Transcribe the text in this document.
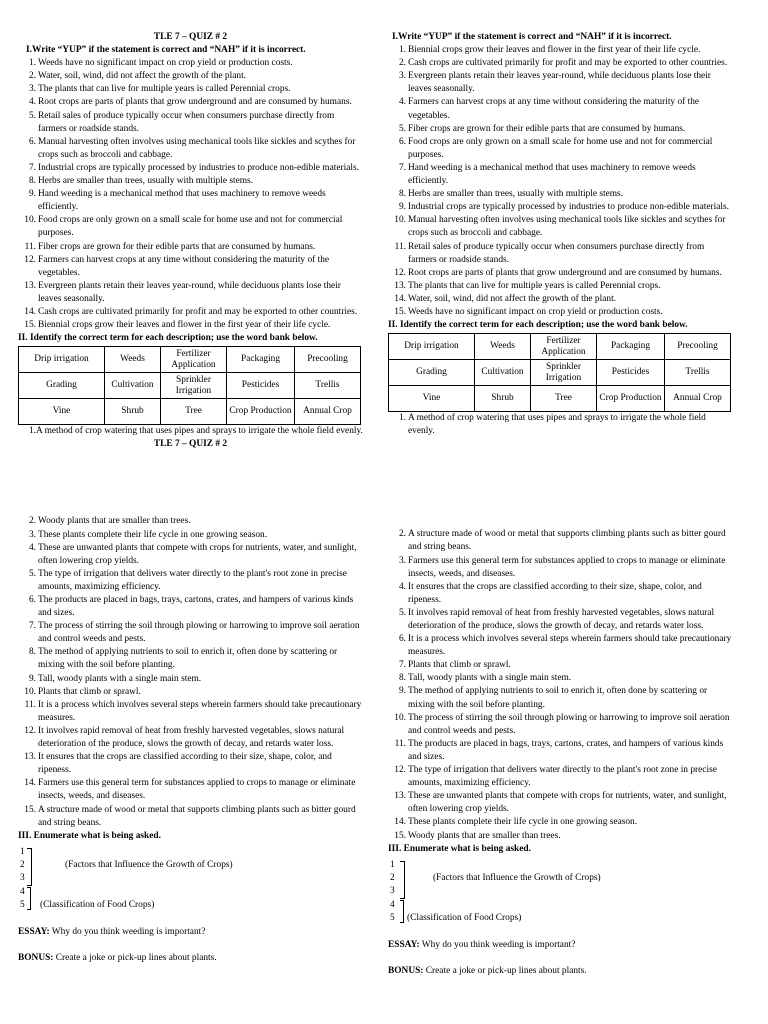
TLE 7 – QUIZ # 2
I.Write “YUP” if the statement is correct and “NAH” if it is incorrect.
1. Weeds have no significant impact on crop yield or production costs.
2. Water, soil, wind, did not affect the growth of the plant.
3. The plants that can live for multiple years is called Perennial crops.
4. Root crops are parts of plants that grow underground and are consumed by humans.
5. Retail sales of produce typically occur when consumers purchase directly from farmers or roadside stands.
6. Manual harvesting often involves using mechanical tools like sickles and scythes for crops such as broccoli and cabbage.
7. Industrial crops are typically processed by industries to produce non-edible materials.
8. Herbs are smaller than trees, usually with multiple stems.
9. Hand weeding is a mechanical method that uses machinery to remove weeds efficiently.
10. Food crops are only grown on a small scale for home use and not for commercial purposes.
11. Fiber crops are grown for their edible parts that are consumed by humans.
12. Farmers can harvest crops at any time without considering the maturity of the vegetables.
13. Evergreen plants retain their leaves year-round, while deciduous plants lose their leaves seasonally.
14. Cash crops are cultivated primarily for profit and may be exported to other countries.
15. Biennial crops grow their leaves and flower in the first year of their life cycle.
II. Identify the correct term for each description; use the word bank below.
Drip irrigation	Weeds	Fertilizer Application	Packaging	Precooling
Grading	Cultivation	Sprinkler Irrigation	Pesticides	Trellis
Vine	Shrub	Tree	Crop Production	Annual Crop
1. A method of crop watering that uses pipes and sprays to irrigate the whole field evenly.
TLE 7 – QUIZ # 2
2. Woody plants that are smaller than trees.
3. These plants complete their life cycle in one growing season.
4. These are unwanted plants that compete with crops for nutrients, water, and sunlight, often lowering crop yields.
5. The type of irrigation that delivers water directly to the plant's root zone in precise amounts, maximizing efficiency.
6. The products are placed in bags, trays, cartons, crates, and hampers of various kinds and sizes.
7. The process of stirring the soil through plowing or harrowing to improve soil aeration and control weeds and pests.
8. The method of applying nutrients to soil to enrich it, often done by scattering or mixing with the soil before planting.
9. Tall, woody plants with a single main stem.
10. Plants that climb or sprawl.
11. It is a process which involves several steps wherein farmers should take precautionary measures.
12. It involves rapid removal of heat from freshly harvested vegetables, slows natural deterioration of the produce, slows the growth of decay, and retards water loss.
13. It ensures that the crops are classified according to their size, shape, color, and ripeness.
14. Farmers use this general term for substances applied to crops to manage or eliminate insects, weeds, and diseases.
15. A structure made of wood or metal that supports climbing plants such as bitter gourd and string beans.
III. Enumerate what is being asked.
1
2
3
4
5
(Factors that Influence the Growth of Crops)
(Classification of Food Crops)
ESSAY: Why do you think weeding is important?
BONUS: Create a joke or pick-up lines about plants.
I.Write “YUP” if the statement is correct and “NAH” if it is incorrect.
1. Biennial crops grow their leaves and flower in the first year of their life cycle.
2. Cash crops are cultivated primarily for profit and may be exported to other countries.
3. Evergreen plants retain their leaves year-round, while deciduous plants lose their leaves seasonally.
4. Farmers can harvest crops at any time without considering the maturity of the vegetables.
5. Fiber crops are grown for their edible parts that are consumed by humans.
6. Food crops are only grown on a small scale for home use and not for commercial purposes.
7. Hand weeding is a mechanical method that uses machinery to remove weeds efficiently.
8. Herbs are smaller than trees, usually with multiple stems.
9. Industrial crops are typically processed by industries to produce non-edible materials.
10. Manual harvesting often involves using mechanical tools like sickles and scythes for crops such as broccoli and cabbage.
11. Retail sales of produce typically occur when consumers purchase directly from farmers or roadside stands.
12. Root crops are parts of plants that grow underground and are consumed by humans.
13. The plants that can live for multiple years is called Perennial crops.
14. Water, soil, wind, did not affect the growth of the plant.
15. Weeds have no significant impact on crop yield or production costs.
II. Identify the correct term for each description; use the word bank below.
Drip irrigation	Weeds	Fertilizer Application	Packaging	Precooling
Grading	Cultivation	Sprinkler Irrigation	Pesticides	Trellis
Vine	Shrub	Tree	Crop Production	Annual Crop
1. A method of crop watering that uses pipes and sprays to irrigate the whole field evenly.
2. A structure made of wood or metal that supports climbing plants such as bitter gourd and string beans.
3. Farmers use this general term for substances applied to crops to manage or eliminate insects, weeds, and diseases.
4. It ensures that the crops are classified according to their size, shape, color, and ripeness.
5. It involves rapid removal of heat from freshly harvested vegetables, slows natural deterioration of the produce, slows the growth of decay, and retards water loss.
6. It is a process which involves several steps wherein farmers should take precautionary measures.
7. Plants that climb or sprawl.
8. Tall, woody plants with a single main stem.
9. The method of applying nutrients to soil to enrich it, often done by scattering or mixing with the soil before planting.
10. The process of stirring the soil through plowing or harrowing to improve soil aeration and control weeds and pests.
11. The products are placed in bags, trays, cartons, crates, and hampers of various kinds and sizes.
12. The type of irrigation that delivers water directly to the plant's root zone in precise amounts, maximizing efficiency.
13. These are unwanted plants that compete with crops for nutrients, water, and sunlight, often lowering crop yields.
14. These plants complete their life cycle in one growing season.
15. Woody plants that are smaller than trees.
III. Enumerate what is being asked.
1
2
3
4
5
(Factors that Influence the Growth of Crops)
(Classification of Food Crops)
ESSAY: Why do you think weeding is important?
BONUS: Create a joke or pick-up lines about plants.
